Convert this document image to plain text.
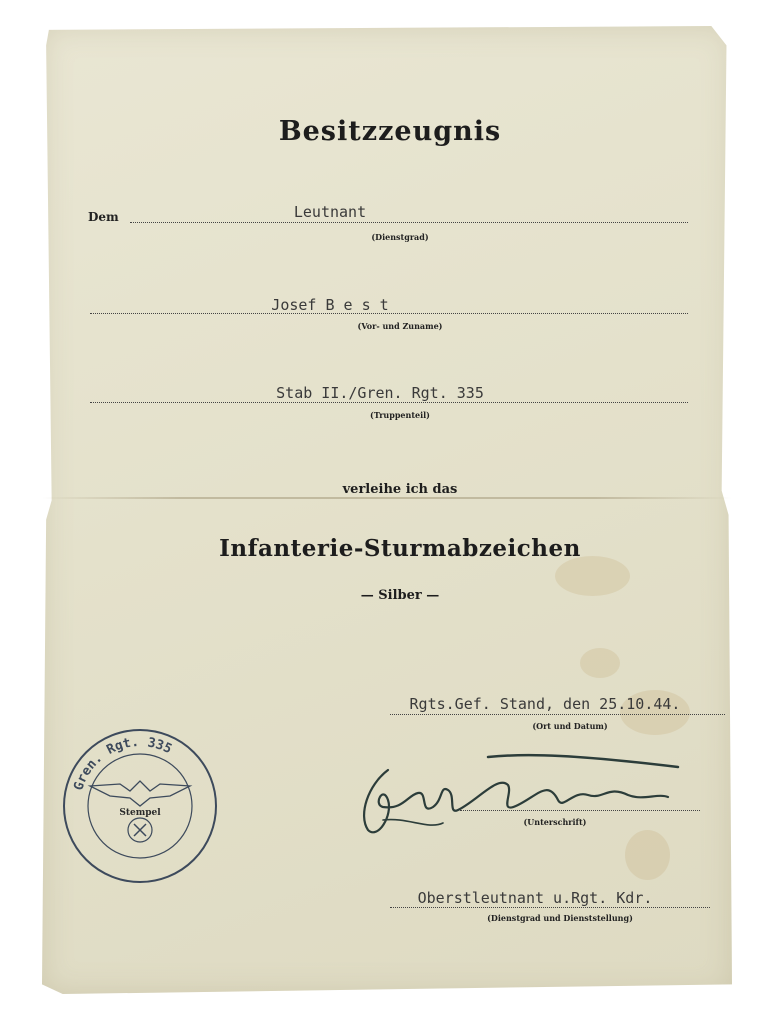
Besitzzeugnis
Dem	Leutnant
(Dienstgrad)
Josef B e s t
(Vor- und Zuname)
Stab II./Gren. Rgt. 335
(Truppenteil)
verleihe ich das
Infanterie-Sturmabzeichen
— Silber —
Rgts.Gef. Stand, den 25.10.44.
(Ort und Datum)
(Unterschrift)
Oberstleutnant u.Rgt. Kdr.
(Dienstgrad und Dienststellung)
Gren. Rgt. 335
Stempel
